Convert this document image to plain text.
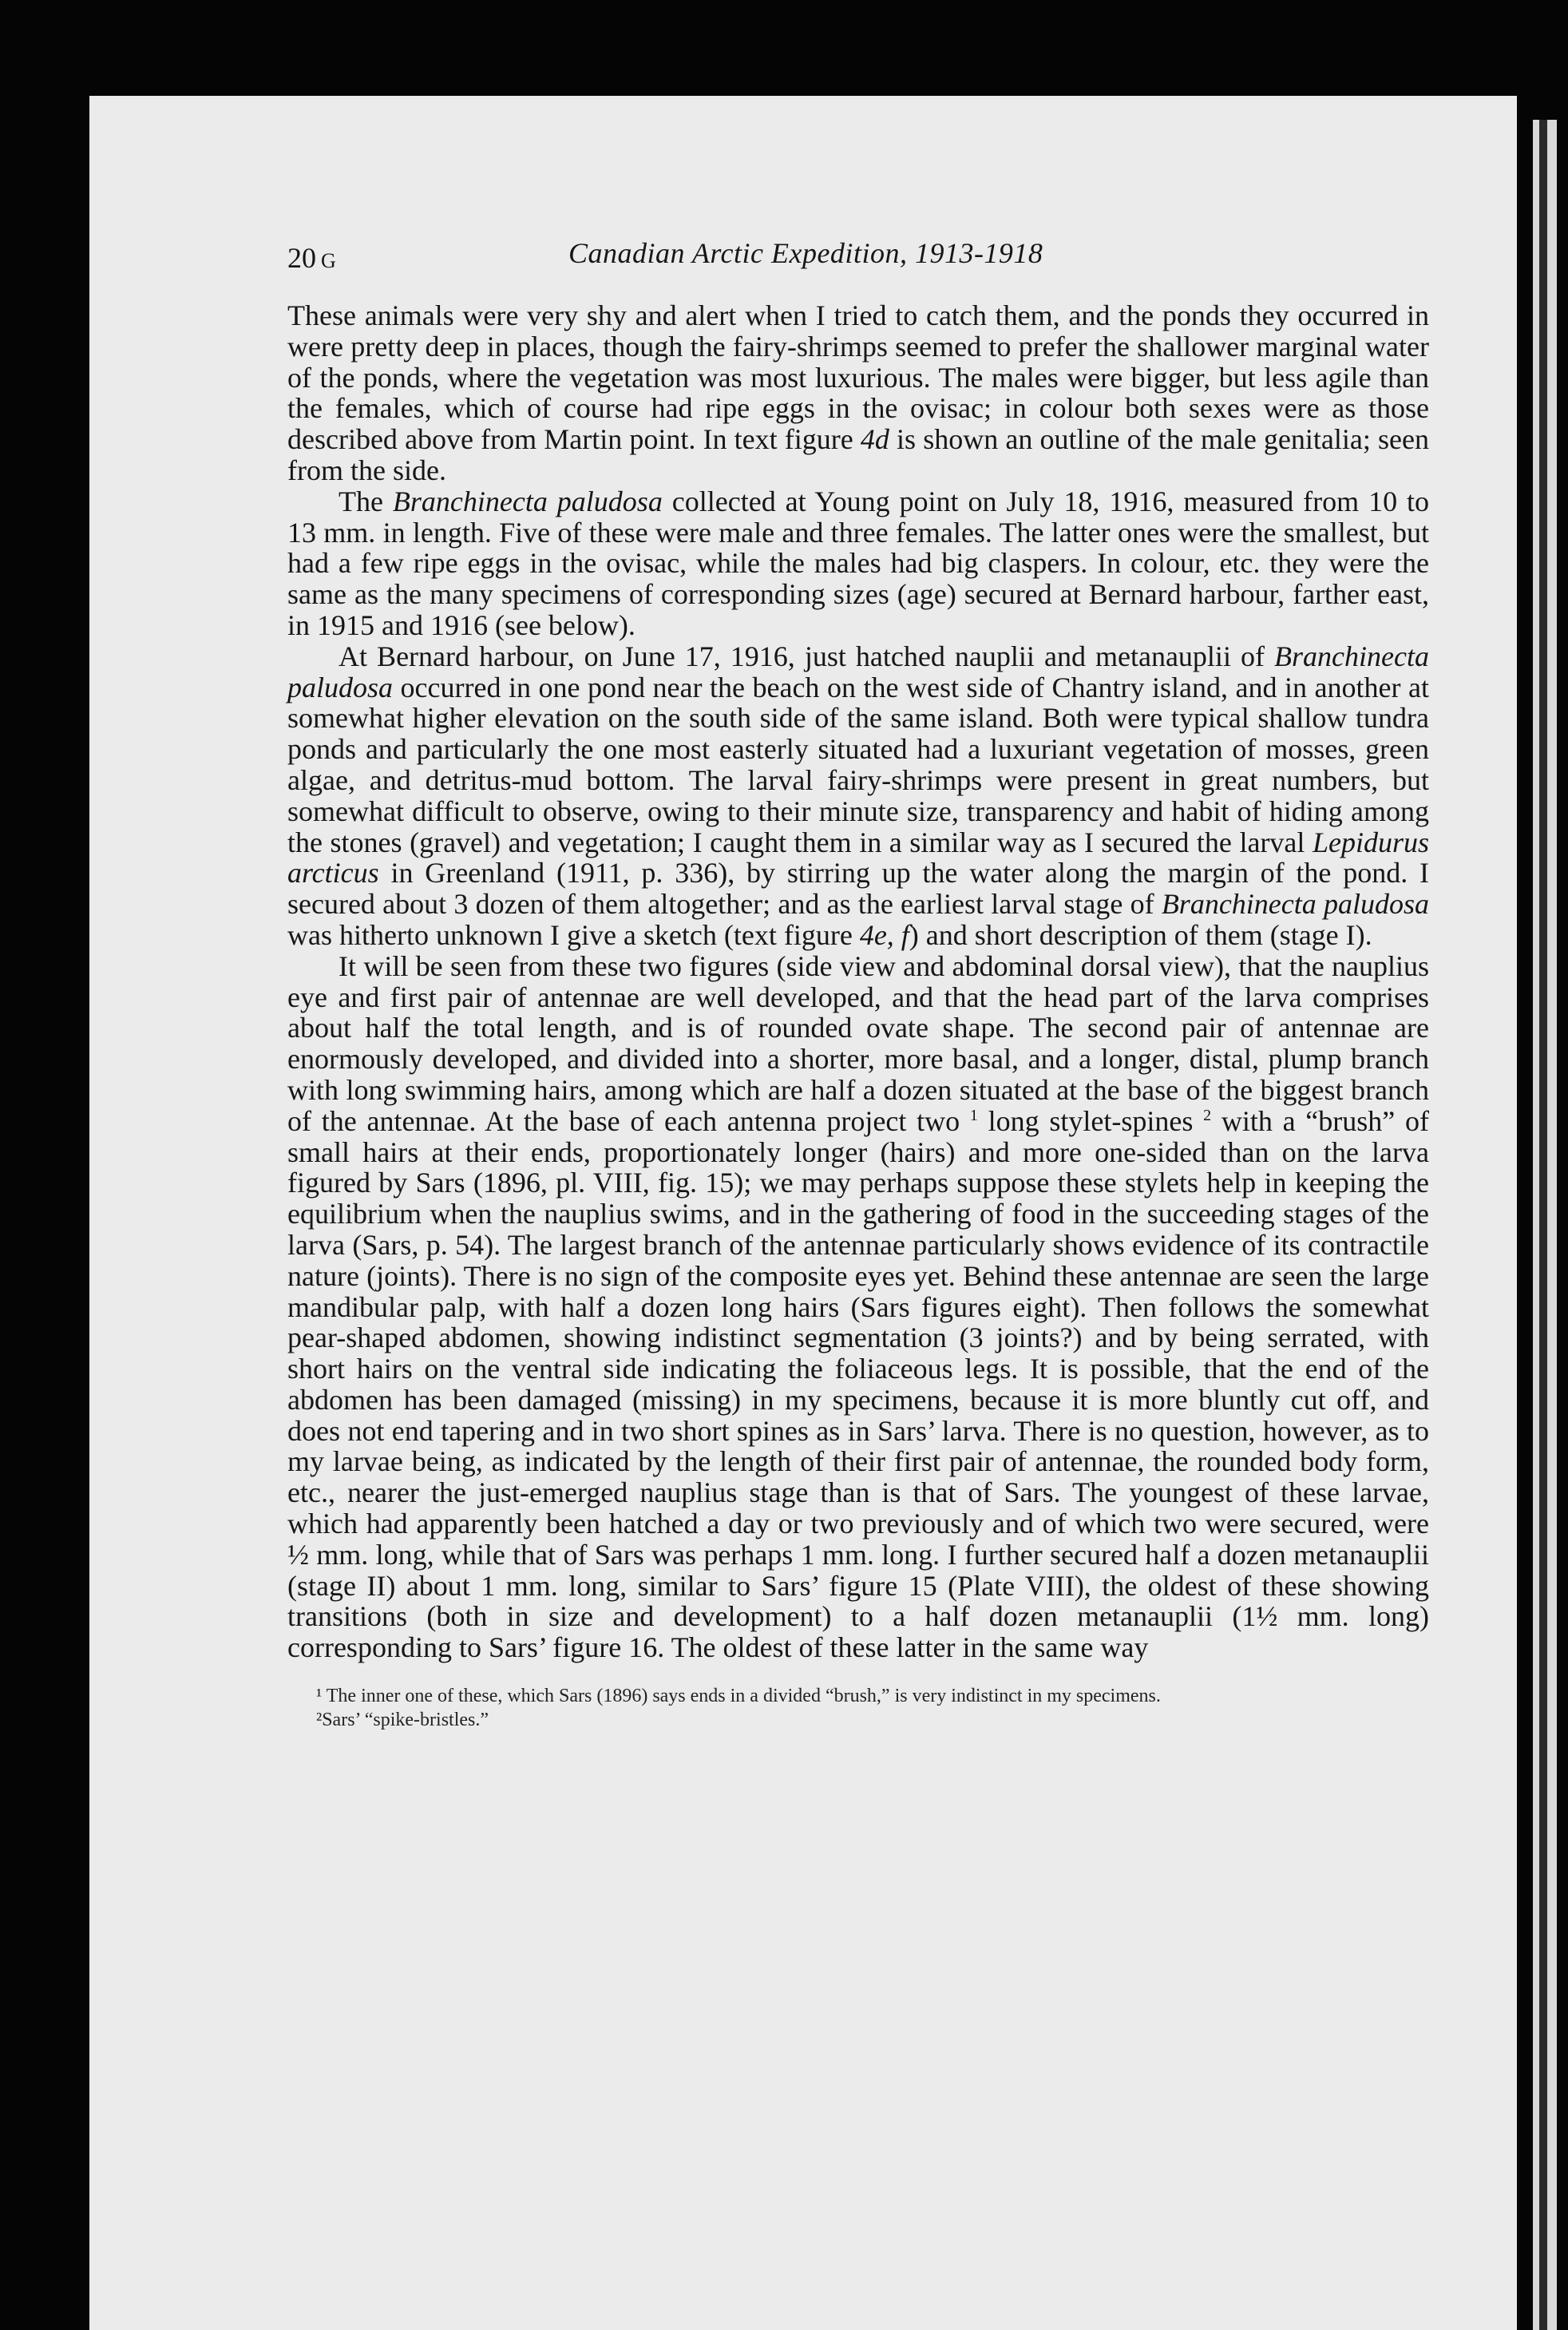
20 G	Canadian Arctic Expedition, 1913-1918

These animals were very shy and alert when I tried to catch them, and the ponds they occurred in were pretty deep in places, though the fairy-shrimps seemed to prefer the shallower marginal water of the ponds, where the vegetation was most luxurious. The males were bigger, but less agile than the females, which of course had ripe eggs in the ovisac; in colour both sexes were as those described above from Martin point. In text figure 4d is shown an outline of the male genitalia; seen from the side.

The Branchinecta paludosa collected at Young point on July 18, 1916, measured from 10 to 13 mm. in length. Five of these were male and three females. The latter ones were the smallest, but had a few ripe eggs in the ovisac, while the males had big claspers. In colour, etc. they were the same as the many specimens of corresponding sizes (age) secured at Bernard harbour, farther east, in 1915 and 1916 (see below).

At Bernard harbour, on June 17, 1916, just hatched nauplii and metanauplii of Branchinecta paludosa occurred in one pond near the beach on the west side of Chantry island, and in another at somewhat higher elevation on the south side of the same island. Both were typical shallow tundra ponds and particularly the one most easterly situated had a luxuriant vegetation of mosses, green algae, and detritus-mud bottom. The larval fairy-shrimps were present in great numbers, but somewhat difficult to observe, owing to their minute size, transparency and habit of hiding among the stones (gravel) and vegetation; I caught them in a similar way as I secured the larval Lepidurus arcticus in Greenland (1911, p. 336), by stirring up the water along the margin of the pond. I secured about 3 dozen of them altogether; and as the earliest larval stage of Branchinecta paludosa was hitherto unknown I give a sketch (text figure 4e, f) and short description of them (stage I).

It will be seen from these two figures (side view and abdominal dorsal view), that the nauplius eye and first pair of antennae are well developed, and that the head part of the larva comprises about half the total length, and is of rounded ovate shape. The second pair of antennae are enormously developed, and divided into a shorter, more basal, and a longer, distal, plump branch with long swimming hairs, among which are half a dozen situated at the base of the biggest branch of the antennae. At the base of each antenna project two $^1$ long stylet-spines $^2$ with a “brush” of small hairs at their ends, proportionately longer (hairs) and more one-sided than on the larva figured by Sars (1896, pl. VIII, fig. 15); we may perhaps suppose these stylets help in keeping the equilibrium when the nauplius swims, and in the gathering of food in the succeeding stages of the larva (Sars, p. 54). The largest branch of the antennae particularly shows evidence of its contractile nature (joints). There is no sign of the composite eyes yet. Behind these antennae are seen the large mandibular palp, with half a dozen long hairs (Sars figures eight). Then follows the somewhat pear-shaped abdomen, showing indistinct segmentation (3 joints?) and by being serrated, with short hairs on the ventral side indicating the foliaceous legs. It is possible, that the end of the abdomen has been damaged (missing) in my specimens, because it is more bluntly cut off, and does not end tapering and in two short spines as in Sars’ larva. There is no question, however, as to my larvae being, as indicated by the length of their first pair of antennae, the rounded body form, etc., nearer the just-emerged nauplius stage than is that of Sars. The youngest of these larvae, which had apparently been hatched a day or two previously and of which two were secured, were ½ mm. long, while that of Sars was perhaps 1 mm. long. I further secured half a dozen metanauplii (stage II) about 1 mm. long, similar to Sars’ figure 15 (Plate VIII), the oldest of these showing transitions (both in size and development) to a half dozen metanauplii (1½ mm. long) corresponding to Sars’ figure 16. The oldest of these latter in the same way

¹ The inner one of these, which Sars (1896) says ends in a divided “brush,” is very indistinct in my specimens.

²Sars’ “spike-bristles.”
